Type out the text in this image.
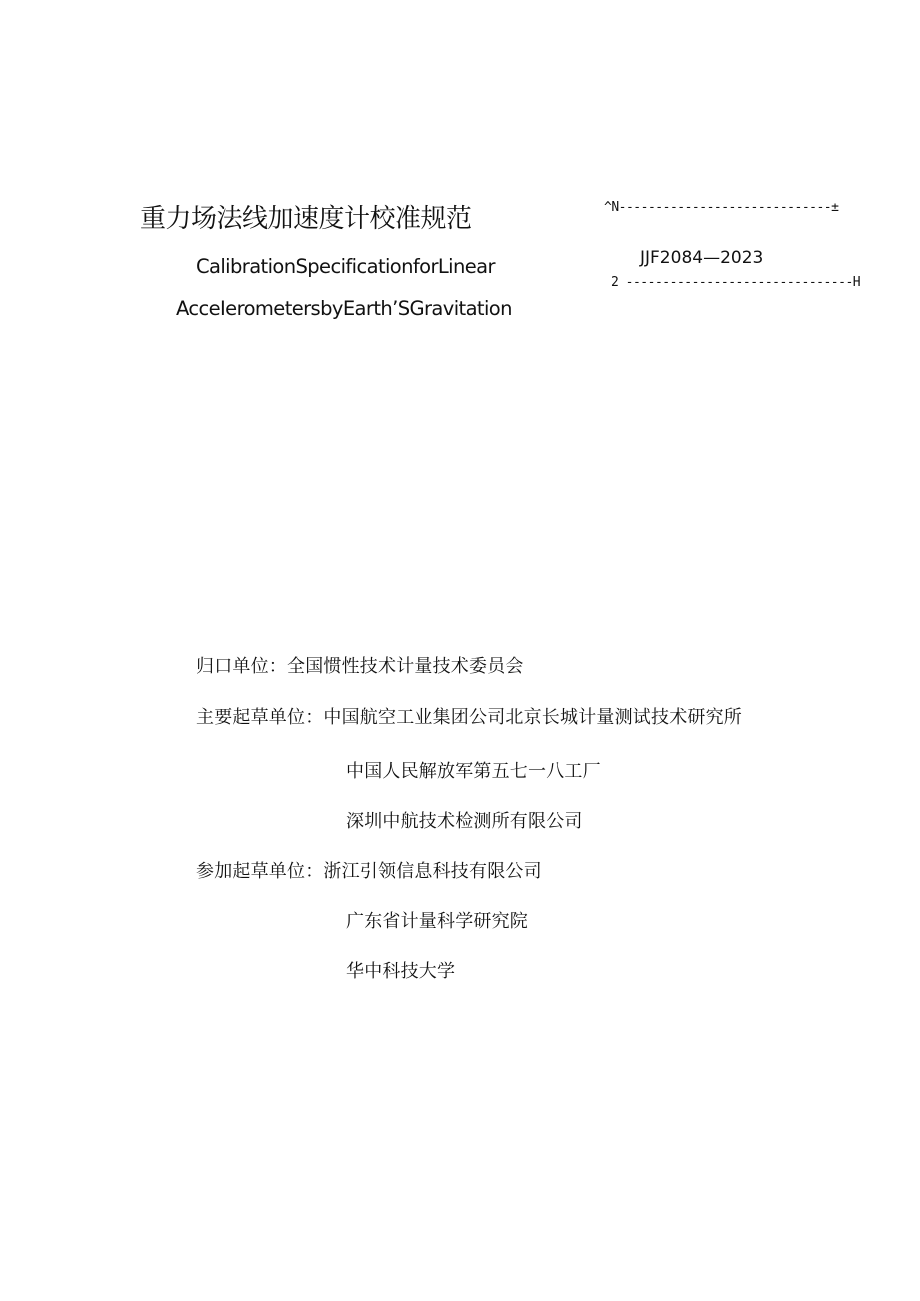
重力场法线加速度计校准规范
CalibrationSpecificationforLinear
AcceIerometersbyEarth’SGravitation
^N-----------------------------±
JJF2084—2023
2 -------------------------------H
归口单位：全国惯性技术计量技术委员会
主要起草单位：中国航空工业集团公司北京长城计量测试技术研究所
中国人民解放军第五七一八工厂
深圳中航技术检测所有限公司
参加起草单位：浙江引领信息科技有限公司
广东省计量科学研究院
华中科技大学
